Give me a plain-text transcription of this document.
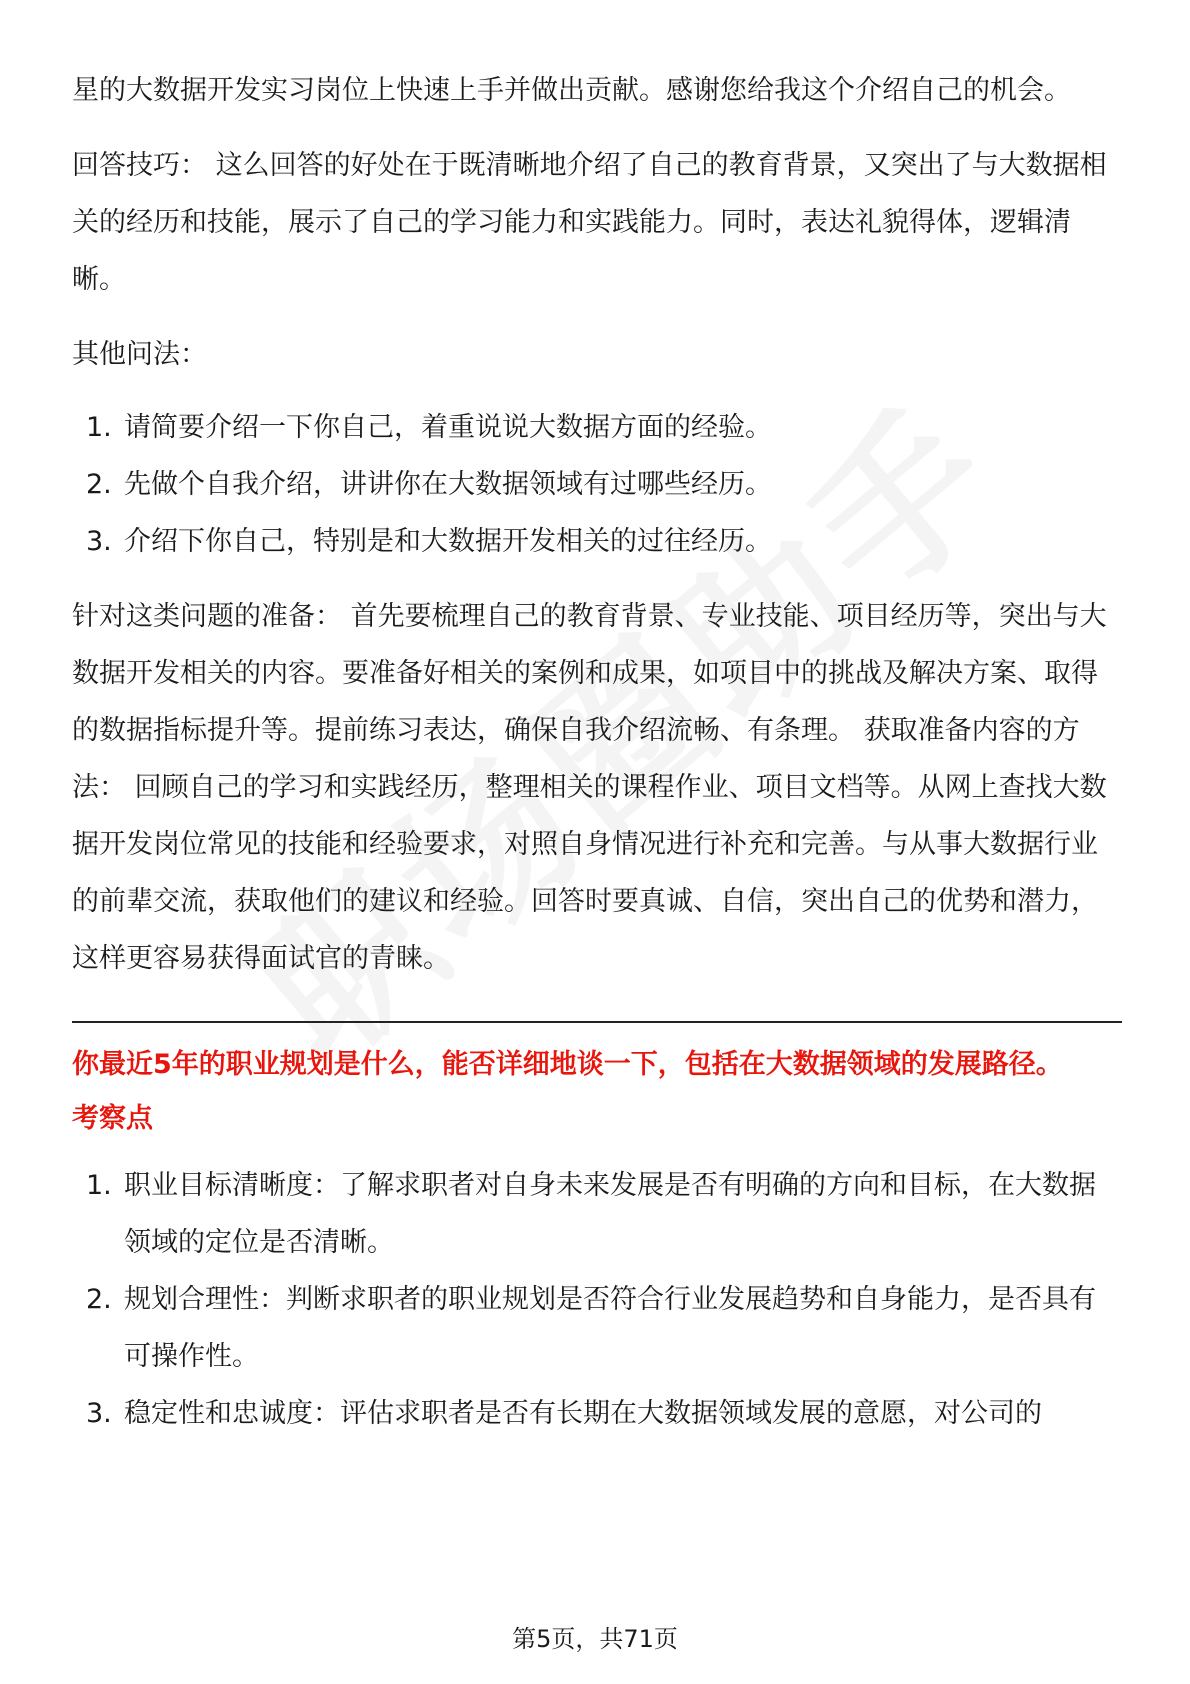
星的大数据开发实习岗位上快速上手并做出贡献。感谢您给我这个介绍自己的机会。

回答技巧： 这么回答的好处在于既清晰地介绍了自己的教育背景，又突出了与大数据相关的经历和技能，展示了自己的学习能力和实践能力。同时，表达礼貌得体，逻辑清晰。

其他问法：

1. 请简要介绍一下你自己，着重说说大数据方面的经验。
2. 先做个自我介绍，讲讲你在大数据领域有过哪些经历。
3. 介绍下你自己，特别是和大数据开发相关的过往经历。

针对这类问题的准备： 首先要梳理自己的教育背景、专业技能、项目经历等，突出与大数据开发相关的内容。要准备好相关的案例和成果，如项目中的挑战及解决方案、取得的数据指标提升等。提前练习表达，确保自我介绍流畅、有条理。 获取准备内容的方法： 回顾自己的学习和实践经历，整理相关的课程作业、项目文档等。从网上查找大数据开发岗位常见的技能和经验要求，对照自身情况进行补充和完善。与从事大数据行业的前辈交流，获取他们的建议和经验。回答时要真诚、自信，突出自己的优势和潜力，这样更容易获得面试官的青睐。

你最近5年的职业规划是什么，能否详细地谈一下，包括在大数据领域的发展路径。
考察点
1. 职业目标清晰度：了解求职者对自身未来发展是否有明确的方向和目标，在大数据领域的定位是否清晰。
2. 规划合理性：判断求职者的职业规划是否符合行业发展趋势和自身能力，是否具有可操作性。
3. 稳定性和忠诚度：评估求职者是否有长期在大数据领域发展的意愿，对公司的
第5页，共71页
